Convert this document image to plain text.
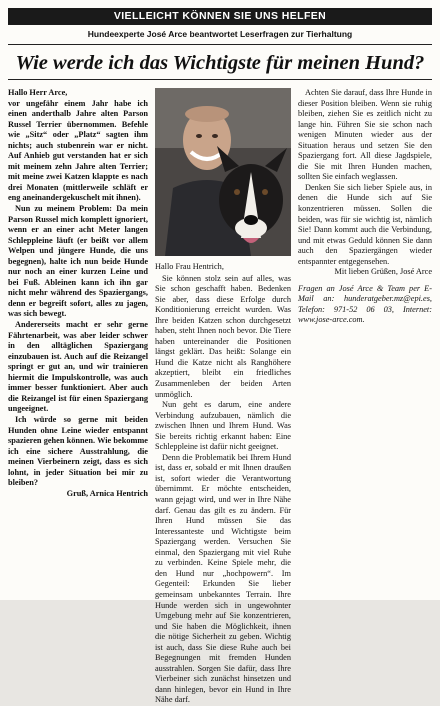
VIELLEICHT KÖNNEN SIE UNS HELFEN
Hundeexperte José Arce beantwortet Leserfragen zur Tierhaltung
Wie werde ich das Wichtigste für meinen Hund?

Hallo Herr Arce,

vor ungefähr einem Jahr habe ich einen anderthalb Jahre alten Parson Russel Terrier übernommen. Befehle wie „Sitz“ oder „Platz“ sagten ihm nichts; auch stubenrein war er nicht. Auf Anhieb gut verstanden hat er sich mit meinem zehn Jahre alten Terrier; mit meine zwei Katzen klappte es nach drei Monaten (mittlerweile schläft er eng aneinandergekuschelt mit ihnen).

Nun zu meinem Problem: Da mein Parson Russel mich komplett ignoriert, wenn er an einer acht Meter langen Schleppleine läuft (er beißt vor allem Welpen und jüngere Hunde, die uns begegnen), halte ich nun beide Hunde nur noch an einer kurzen Leine und bei Fuß. Ableinen kann ich ihn gar nicht mehr während des Spaziergangs, denn er begreift sofort, alles zu jagen, was sich bewegt.

Andererseits macht er sehr gerne Fährtenarbeit, was aber leider schwer in den alltäglichen Spaziergang einzubauen ist. Auch auf die Reizangel springt er gut an, und wir trainieren hiermit die Impulskontrolle, was auch immer besser funktioniert. Aber auch die Reizangel ist für einen Spaziergang ungeeignet.

Ich würde so gerne mit beiden Hunden ohne Leine wieder entspannt spazieren gehen können. Wie bekomme ich eine sichere Ausstrahlung, die meinen Vierbeinern zeigt, dass es sich lohnt, in jeder Situation bei mir zu bleiben?

Gruß, Arnica Hentrich

Hallo Frau Hentrich,

Sie können stolz sein auf alles, was Sie schon geschafft haben. Bedenken Sie aber, dass diese Erfolge durch Konditionierung erreicht wurden. Was Ihre beiden Katzen schon durchgesetzt haben, steht Ihnen noch bevor. Die Tiere haben untereinander die Positionen längst geklärt. Das heißt: Solange ein Hund die Katze nicht als Ranghöhere akzeptiert, bleibt ein friedliches Zusammenleben der beiden Arten unmöglich.

Nun geht es darum, eine andere Verbindung aufzubauen, nämlich die zwischen Ihnen und Ihrem Hund. Was Sie bereits richtig erkannt haben: Eine Schleppleine ist dafür nicht geeignet.

Denn die Problematik bei Ihrem Hund ist, dass er, sobald er mit Ihnen draußen ist, sofort wieder die Verantwortung übernimmt. Er möchte entscheiden, wann gejagt wird, und wer in Ihre Nähe darf. Genau das gilt es zu ändern. Für Ihren Hund müssen Sie das Interessanteste und Wichtigste beim Spaziergang werden. Versuchen Sie einmal, den Spaziergang mit viel Ruhe zu verbinden. Keine Spiele mehr, die den Hund nur „hochpowern“. Im Gegenteil: Erkunden Sie lieber gemeinsam unbekanntes Terrain. Ihre Hunde werden sich in ungewohnter Umgebung mehr auf Sie konzentrieren, und Sie haben die Möglichkeit, ihnen die nötige Sicherheit zu geben. Wichtig ist auch, dass Sie diese Ruhe auch bei Begegnungen mit fremden Hunden ausstrahlen. Sorgen Sie dafür, dass Ihre Vierbeiner sich zunächst hinsetzen und dann hinlegen, bevor ein Hund in Ihre Nähe darf.

Achten Sie darauf, dass Ihre Hunde in dieser Position bleiben. Wenn sie ruhig bleiben, ziehen Sie es zeitlich nicht zu lange hin. Führen Sie sie schon nach wenigen Minuten wieder aus der Situation heraus und setzen Sie den Spaziergang fort. All diese Jagdspiele, die Sie mit Ihren Hunden machen, sollten Sie einfach weglassen.

Denken Sie sich lieber Spiele aus, in denen die Hunde sich auf Sie konzentrieren müssen. Sollen die beiden, was für sie wichtig ist, nämlich Sie! Dann kommt auch die Verbindung, und mit etwas Geduld können Sie dann auch den Spaziergängen wieder entspannter entgegensehen.

Mit lieben Grüßen, José Arce

Fragen an José Arce & Team per E-Mail an: hunderatgeber.mz@epi.es, Telefon: 971-52 06 03, Internet: www.jose-arce.com.
